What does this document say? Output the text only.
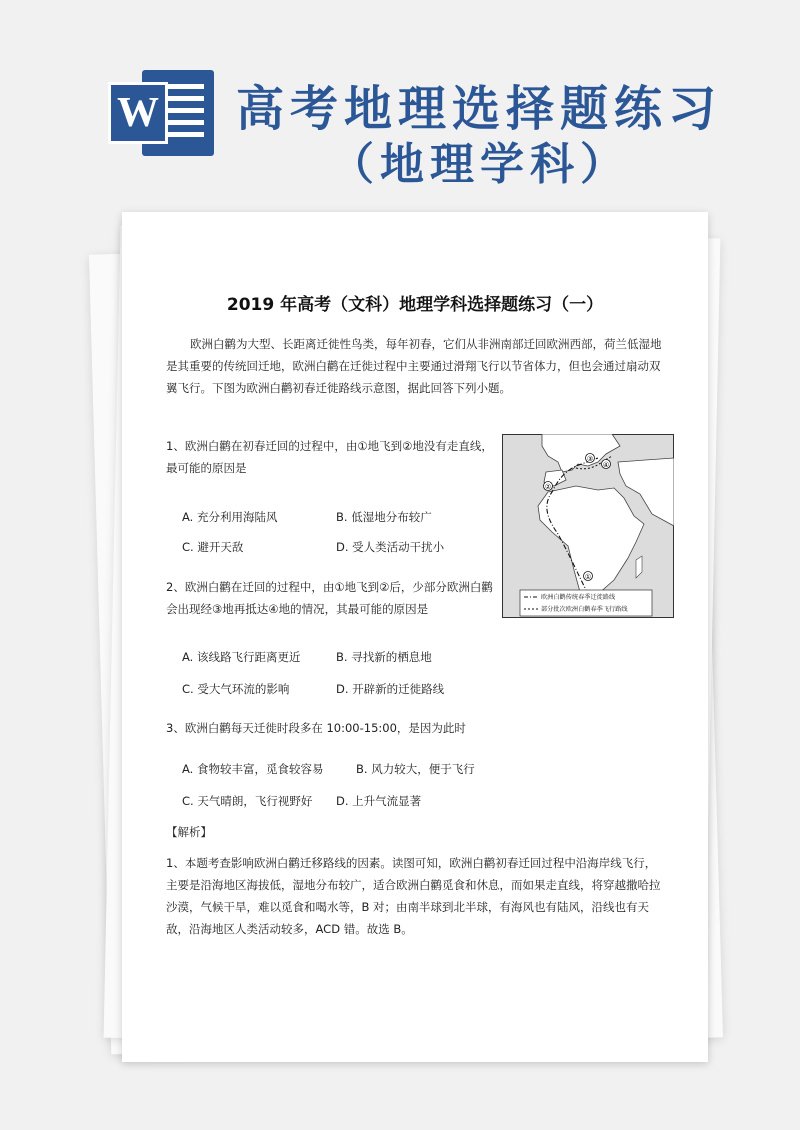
W 高考地理选择题练习
（地理学科）
2019 年高考（文科）地理学科选择题练习（一）

欧洲白鹳为大型、长距离迁徙性鸟类，每年初春，它们从非洲南部迁回欧洲西部，荷兰低湿地是其重要的传统回迁地，欧洲白鹳在迁徙过程中主要通过滑翔飞行以节省体力，但也会通过扇动双翼飞行。下图为欧洲白鹳初春迁徙路线示意图，据此回答下列小题。

1、欧洲白鹳在初春迁回的过程中，由①地飞到②地没有走直线，最可能的原因是

A. 充分利用海陆风	B. 低湿地分布较广
C. 避开天敌	D. 受人类活动干扰小

2、欧洲白鹳在迁回的过程中，由①地飞到②后，少部分欧洲白鹳会出现经③地再抵达④地的情况，其最可能的原因是

A. 该线路飞行距离更近	B. 寻找新的栖息地
C. 受大气环流的影响	D. 开辟新的迁徙路线

3、欧洲白鹳每天迁徙时段多在 10:00-15:00，是因为此时

A. 食物较丰富，觅食较容易	B. 风力较大，便于飞行
C. 天气晴朗，飞行视野好 D. 上升气流显著
【解析】

1、本题考查影响欧洲白鹳迁移路线的因素。读图可知，欧洲白鹳初春迁回过程中沿海岸线飞行，主要是沿海地区海拔低，湿地分布较广，适合欧洲白鹳觅食和休息，而如果走直线，将穿越撒哈拉沙漠，气候干旱，难以觅食和喝水等，B 对；由南半球到北半球，有海风也有陆风，沿线也有天敌，沿海地区人类活动较多，ACD 错。故选 B。

①
②
③
④
欧洲白鹳传统春季迁徙路线
部分批次欧洲白鹳春季飞行路线
